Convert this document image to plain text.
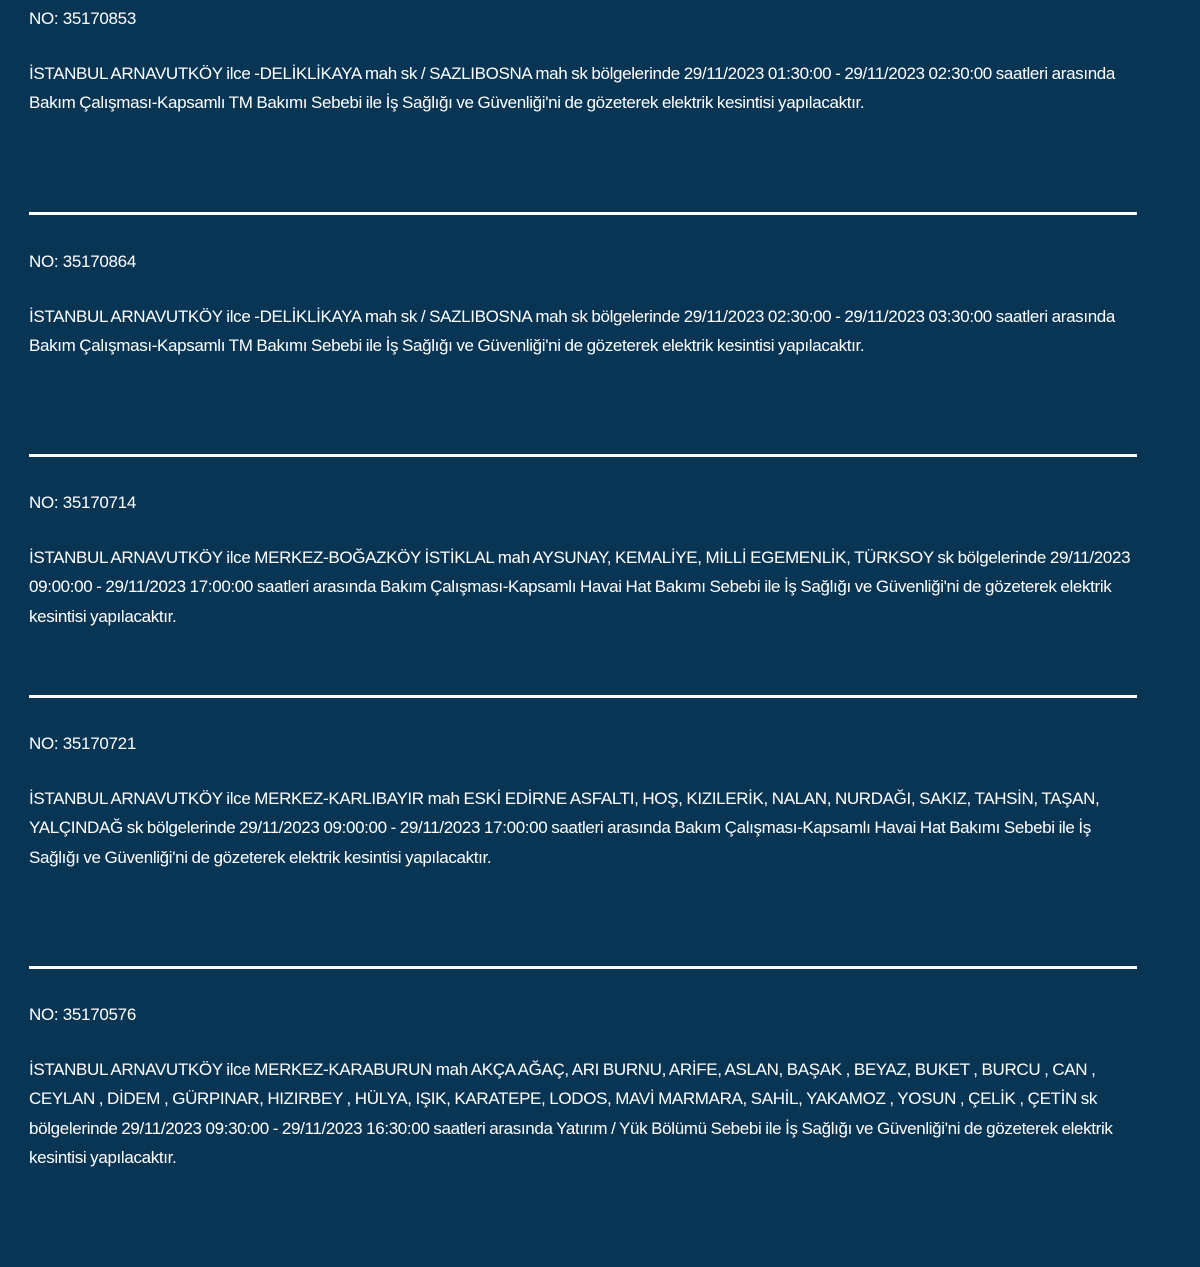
NO: 35170853

İSTANBUL ARNAVUTKÖY ilce -DELİKLİKAYA mah sk / SAZLIBOSNA mah sk bölgelerinde 29/11/2023 01:30:00 - 29/11/2023 02:30:00 saatleri arasında Bakım Çalışması-Kapsamlı TM Bakımı Sebebi ile İş Sağlığı ve Güvenliği'ni de gözeterek elektrik kesintisi yapılacaktır.

NO: 35170864

İSTANBUL ARNAVUTKÖY ilce -DELİKLİKAYA mah sk / SAZLIBOSNA mah sk bölgelerinde 29/11/2023 02:30:00 - 29/11/2023 03:30:00 saatleri arasında Bakım Çalışması-Kapsamlı TM Bakımı Sebebi ile İş Sağlığı ve Güvenliği'ni de gözeterek elektrik kesintisi yapılacaktır.

NO: 35170714

İSTANBUL ARNAVUTKÖY ilce MERKEZ-BOĞAZKÖY İSTİKLAL mah AYSUNAY, KEMALİYE, MİLLİ EGEMENLİK, TÜRKSOY sk bölgelerinde 29/11/2023 09:00:00 - 29/11/2023 17:00:00 saatleri arasında Bakım Çalışması-Kapsamlı Havai Hat Bakımı Sebebi ile İş Sağlığı ve Güvenliği'ni de gözeterek elektrik kesintisi yapılacaktır.

NO: 35170721

İSTANBUL ARNAVUTKÖY ilce MERKEZ-KARLIBAYIR mah ESKİ EDİRNE ASFALTI, HOŞ, KIZILERİK, NALAN, NURDAĞI, SAKIZ, TAHSİN, TAŞAN, YALÇINDAĞ sk bölgelerinde 29/11/2023 09:00:00 - 29/11/2023 17:00:00 saatleri arasında Bakım Çalışması-Kapsamlı Havai Hat Bakımı Sebebi ile İş Sağlığı ve Güvenliği'ni de gözeterek elektrik kesintisi yapılacaktır.

NO: 35170576

İSTANBUL ARNAVUTKÖY ilce MERKEZ-KARABURUN mah AKÇA AĞAÇ, ARI BURNU, ARİFE, ASLAN, BAŞAK , BEYAZ, BUKET , BURCU , CAN , CEYLAN , DİDEM , GÜRPINAR, HIZIRBEY , HÜLYA, IŞIK, KARATEPE, LODOS, MAVİ MARMARA, SAHİL, YAKAMOZ , YOSUN , ÇELİK , ÇETİN sk bölgelerinde 29/11/2023 09:30:00 - 29/11/2023 16:30:00 saatleri arasında Yatırım / Yük Bölümü Sebebi ile İş Sağlığı ve Güvenliği'ni de gözeterek elektrik kesintisi yapılacaktır.
